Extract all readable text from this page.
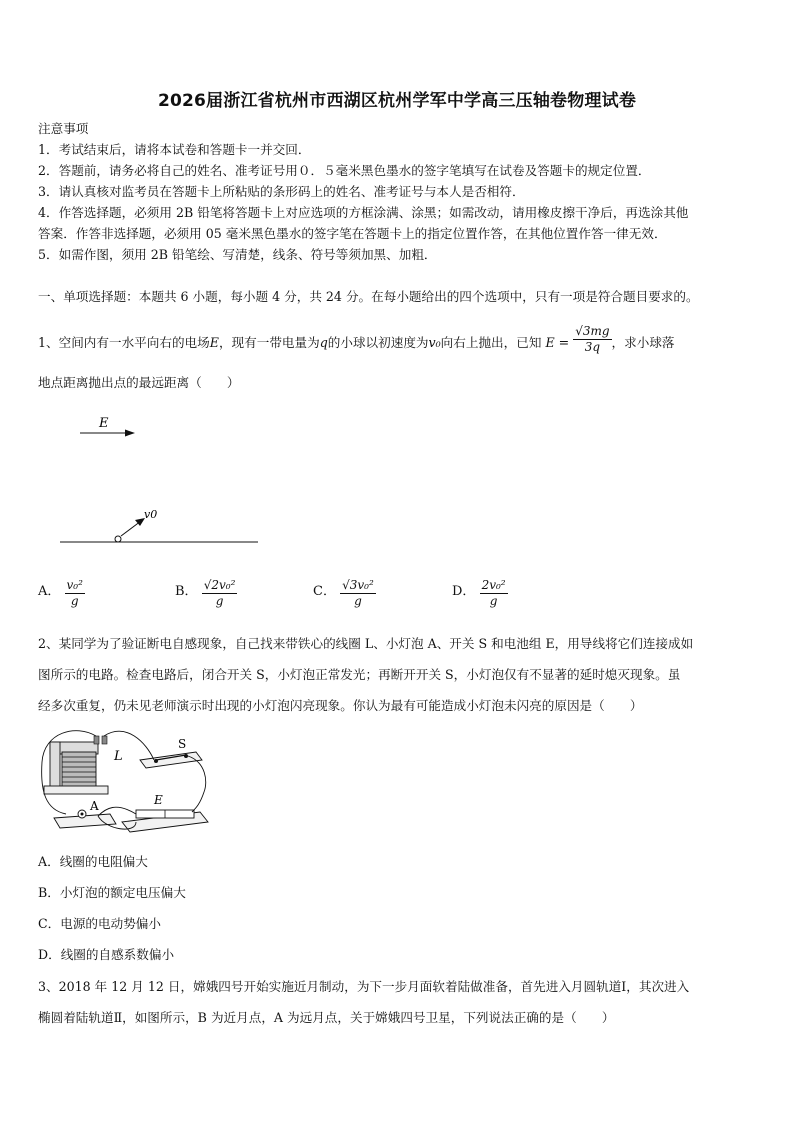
2026届浙江省杭州市西湖区杭州学军中学高三压轴卷物理试卷
注意事项
1．考试结束后，请将本试卷和答题卡一并交回．
2．答题前，请务必将自己的姓名、准考证号用０．５毫米黑色墨水的签字笔填写在试卷及答题卡的规定位置．
3．请认真核对监考员在答题卡上所粘贴的条形码上的姓名、准考证号与本人是否相符．
4．作答选择题，必须用 2B 铅笔将答题卡上对应选项的方框涂满、涂黑；如需改动，请用橡皮擦干净后，再选涂其他
答案．作答非选择题，必须用 05 毫米黑色墨水的签字笔在答题卡上的指定位置作答，在其他位置作答一律无效．
5．如需作图，须用 2B 铅笔绘、写清楚，线条、符号等须加黑、加粗．
一、单项选择题：本题共 6 小题，每小题 4 分，共 24 分。在每小题给出的四个选项中，只有一项是符合题目要求的。
1、空间内有一水平向右的电场E，现有一带电量为q的小球以初速度为v₀向右上抛出，已知 $E = \frac{√3mg}{3q}$ ，求小球落
地点距离抛出点的最远距离（　　）
E
v0
A． $\frac{\text{v₀²}}{g}$	B． $\frac{\text{√2v₀²}}{g}$	C． $\frac{\text{√3v₀²}}{g}$	D． $\frac{\text{2v₀²}}{g}$
2、某同学为了验证断电自感现象，自己找来带铁心的线圈 L、小灯泡 A、开关 S 和电池组 E，用导线将它们连接成如
图所示的电路。检查电路后，闭合开关 S，小灯泡正常发光；再断开开关 S，小灯泡仅有不显著的延时熄灭现象。虽
经多次重复，仍未见老师演示时出现的小灯泡闪亮现象。你认为最有可能造成小灯泡未闪亮的原因是（　　）
L
S
A	E
A．线圈的电阻偏大
B．小灯泡的额定电压偏大
C．电源的电动势偏小
D．线圈的自感系数偏小
3、2018 年 12 月 12 日，嫦娥四号开始实施近月制动，为下一步月面软着陆做准备，首先进入月圆轨道Ⅰ，其次进入
椭圆着陆轨道Ⅱ，如图所示，B 为近月点，A 为远月点，关于嫦娥四号卫星，下列说法正确的是（　　）
